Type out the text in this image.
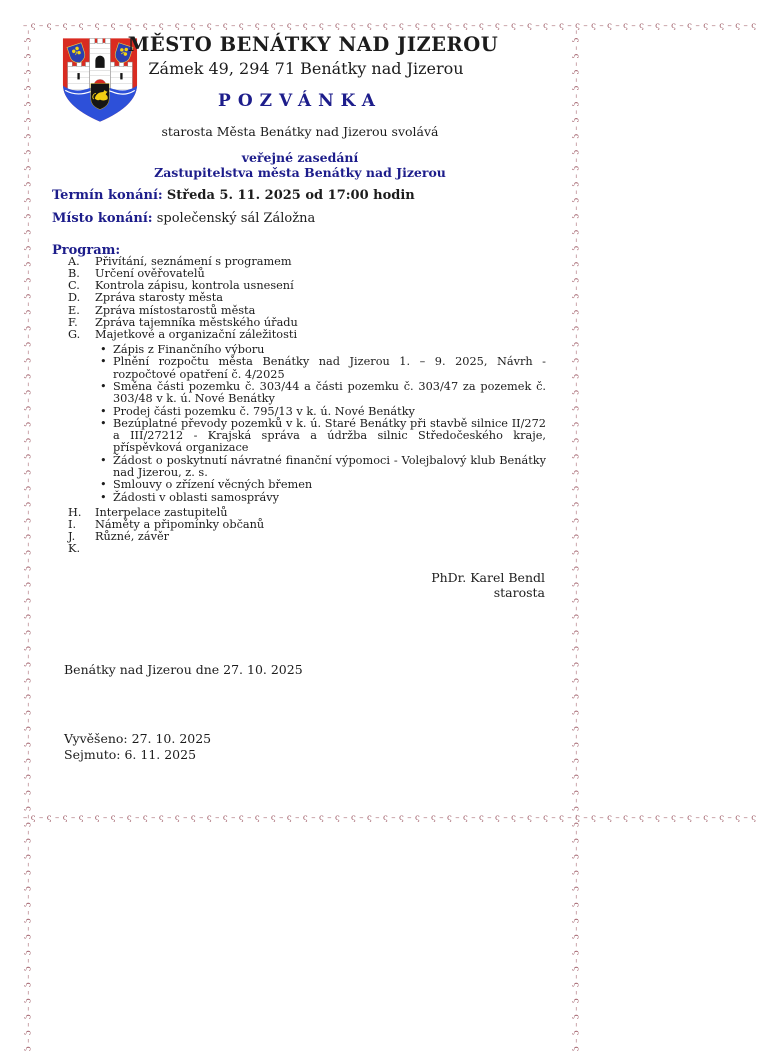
–ς–ς–ς–ς–ς–ς–ς–ς–ς–ς–ς–ς–ς–ς–ς–ς–ς–ς–ς–ς–ς–ς–ς–ς–ς–ς–ς–ς–ς–ς–ς–ς–ς–ς–ς–ς–ς–ς–ς–ς–ς–ς–ς–ς–ς–ς
–ς–ς–ς–ς–ς–ς–ς–ς–ς–ς–ς–ς–ς–ς–ς–ς–ς–ς–ς–ς–ς–ς–ς–ς–ς–ς–ς–ς–ς–ς–ς–ς–ς–ς–ς–ς–ς–ς–ς–ς–ς–ς–ς–ς–ς–ς
–ς–ς–ς–ς–ς–ς–ς–ς–ς–ς–ς–ς–ς–ς–ς–ς–ς–ς–ς–ς–ς–ς–ς–ς–ς–ς–ς–ς–ς–ς–ς–ς–ς–ς–ς–ς–ς–ς–ς–ς–ς–ς–ς–ς–ς–ς–ς–ς–ς–ς–ς–ς–ς–ς–ς–ς–ς–ς–ς–ς–ς–ς–ς–ς	–ς–ς–ς–ς–ς–ς–ς–ς–ς–ς–ς–ς–ς–ς–ς–ς–ς–ς–ς–ς–ς–ς–ς–ς–ς–ς–ς–ς–ς–ς–ς–ς–ς–ς–ς–ς–ς–ς–ς–ς–ς–ς–ς–ς–ς–ς–ς–ς–ς–ς–ς–ς–ς–ς–ς–ς–ς–ς–ς–ς–ς–ς–ς–ς
MĚSTO BENÁTKY NAD JIZEROU
Zámek 49, 294 71 Benátky nad Jizerou
POZVÁNKA
starosta Města Benátky nad Jizerou svolává
veřejné zasedání
Zastupitelstva města Benátky nad Jizerou
Termín konání: Středa 5. 11. 2025 od 17:00 hodin
Místo konání: společenský sál Záložna
Program:
A.	Přivítání, seznámení s programem
B.	Určení ověřovatelů
C.	Kontrola zápisu, kontrola usnesení
D.	Zpráva starosty města
E.	Zpráva místostarostů města
F.	Zpráva tajemníka městského úřadu
G.	Majetkové a organizační záležitosti
•
Zápis z Finančního výboru
•
Plnění rozpočtu města Benátky nad Jizerou 1. – 9. 2025, Návrh - rozpočtové opatření č. 4/2025
•
Směna části pozemku č. 303/44 a části pozemku č. 303/47 za pozemek č. 303/48 v k. ú. Nové Benátky
•
Prodej části pozemku č. 795/13 v k. ú. Nové Benátky
•
Bezúplatné převody pozemků v k. ú. Staré Benátky při stavbě silnice II/272 a III/27212 - Krajská správa a údržba silnic Středočeského kraje, příspěvková organizace
•
Žádost o poskytnutí návratné finanční výpomoci - Volejbalový klub Benátky nad Jizerou, z. s.
•
Smlouvy o zřízení věcných břemen
•
Žádosti v oblasti samosprávy
H.	Interpelace zastupitelů
I.	Náměty a připomínky občanů
J.	Různé, závěr
K.
PhDr. Karel Bendl
starosta
Benátky nad Jizerou dne 27. 10. 2025
Vyvěšeno: 27. 10. 2025
Sejmuto: 6. 11. 2025
